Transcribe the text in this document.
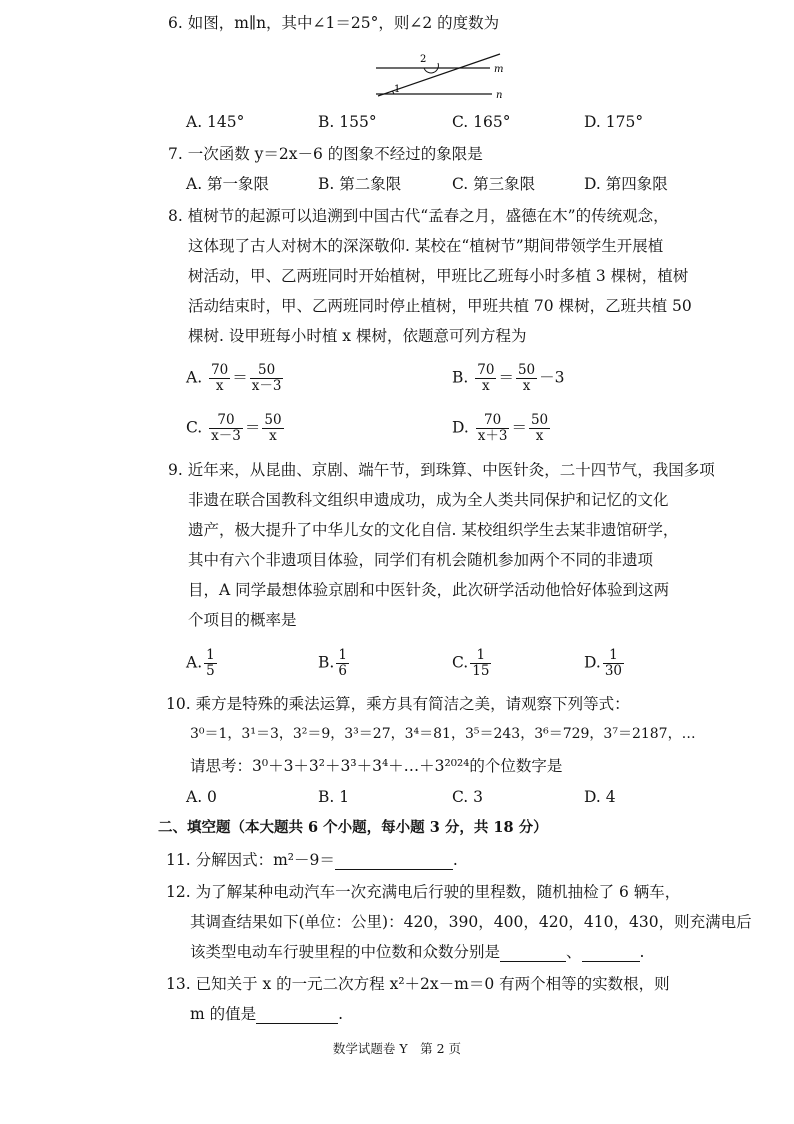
6. 如图，m∥n，其中∠1＝25°，则∠2 的度数为
2
1
m
n
A. 145°	B. 155°	C. 165°	D. 175°
7. 一次函数 y＝2x－6 的图象不经过的象限是
A. 第一象限	B. 第二象限	C. 第三象限	D. 第四象限
8. 植树节的起源可以追溯到中国古代“孟春之月，盛德在木”的传统观念，
这体现了古人对树木的深深敬仰. 某校在“植树节”期间带领学生开展植
树活动，甲、乙两班同时开始植树，甲班比乙班每小时多植 3 棵树，植树
活动结束时，甲、乙两班同时停止植树，甲班共植 70 棵树，乙班共植 50
棵树. 设甲班每小时植 x 棵树，依题意可列方程为
A. $\frac{70}{x} = \frac{50}{x-3}$	B. $\frac{70}{x} = \frac{50}{x} -3$
C. $\frac{70}{x-3} = \frac{50}{x}$	D. $\frac{70}{x+3} = \frac{50}{x}$
9. 近年来，从昆曲、京剧、端午节，到珠算、中医针灸，二十四节气，我国多项
非遗在联合国教科文组织申遗成功，成为全人类共同保护和记忆的文化
遗产，极大提升了中华儿女的文化自信. 某校组织学生去某非遗馆研学，
其中有六个非遗项目体验，同学们有机会随机参加两个不同的非遗项
目，A 同学最想体验京剧和中医针灸，此次研学活动他恰好体验到这两
个项目的概率是
A. $\frac{1}{5}$	B. $\frac{1}{6}$	C. $\frac{1}{15}$	D. $\frac{1}{30}$
10. 乘方是特殊的乘法运算，乘方具有简洁之美，请观察下列等式：
3⁰＝1，3¹＝3，3²＝9，3³＝27，3⁴＝81，3⁵＝243，3⁶＝729，3⁷＝2187，…
请思考：3⁰＋3＋3²＋3³＋3⁴＋…＋3²⁰²⁴的个位数字是
A. 0	B. 1	C. 3	D. 4
二、填空题（本大题共 6 个小题，每小题 3 分，共 18 分）
11. 分解因式：m²－9＝	.
12. 为了解某种电动汽车一次充满电后行驶的里程数，随机抽检了 6 辆车，
其调查结果如下(单位：公里)：420，390，400，420，410，430，则充满电后
该类型电动车行驶里程的中位数和众数分别是	、	.
13. 已知关于 x 的一元二次方程 x²＋2x－m＝0 有两个相等的实数根，则
m 的值是	.
数学试题卷 Y　第 2 页
